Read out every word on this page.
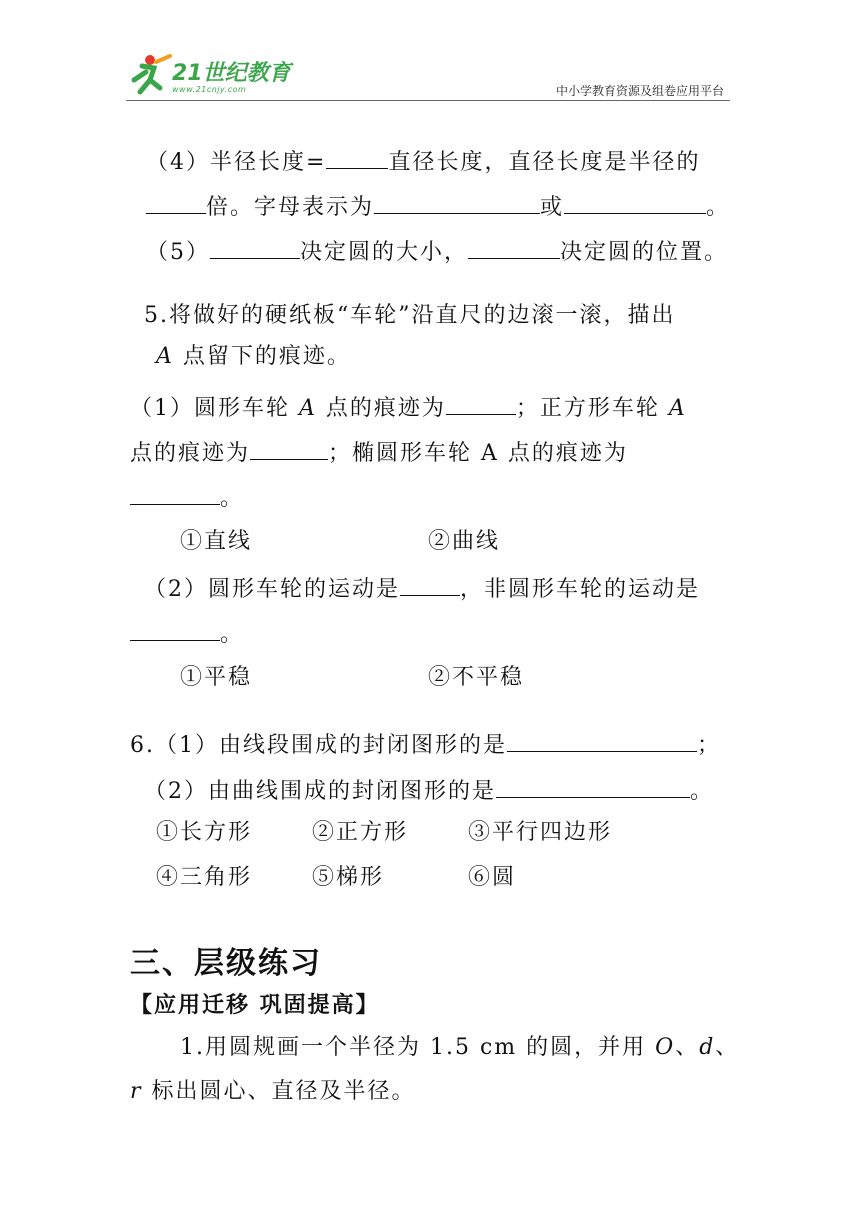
21世纪教育
www.21cnjy.com	中小学教育资源及组卷应用平台
（4）半径长度=	直径长度，直径长度是半径的
倍。字母表示为	或	。
（5）	决定圆的大小，	决定圆的位置。
5.将做好的硬纸板“车轮”沿直尺的边滚一滚，描出
A 点留下的痕迹。
（1）圆形车轮 A 点的痕迹为	；正方形车轮 A
点的痕迹为	；椭圆形车轮 A 点的痕迹为
。
①直线	②曲线
（2）圆形车轮的运动是	，非圆形车轮的运动是
。
①平稳	②不平稳
6.（1）由线段围成的封闭图形的是	；
（2）由曲线围成的封闭图形的是	。
①长方形	②正方形	③平行四边形
④三角形	⑤梯形	⑥圆
三、层级练习
【应用迁移 巩固提高】
1.用圆规画一个半径为 1.5 cm 的圆，并用 O、d、
r 标出圆心、直径及半径。
